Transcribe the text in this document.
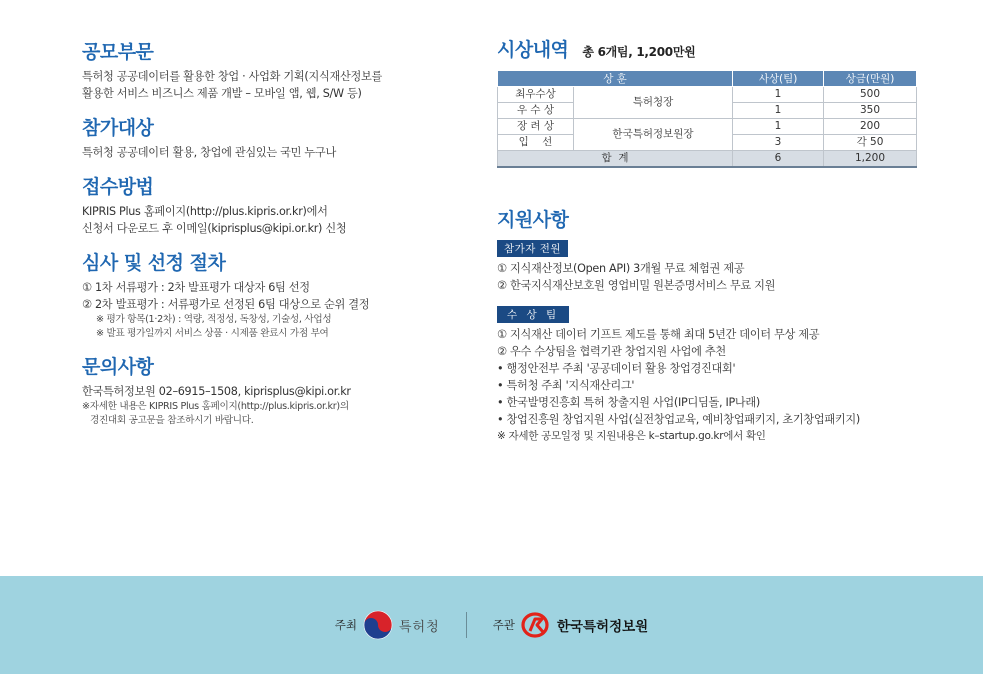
공모부문
특허청 공공데이터를 활용한 창업 · 사업화 기획(지식재산정보를
활용한 서비스 비즈니스 제품 개발 – 모바일 앱, 웹, S/W 등)
참가대상
특허청 공공데이터 활용, 창업에 관심있는 국민 누구나
접수방법
KIPRIS Plus 홈페이지(http://plus.kipris.or.kr)에서
신청서 다운로드 후 이메일(kiprisplus@kipi.or.kr) 신청
심사 및 선정 절차
① 1차 서류평가 : 2차 발표평가 대상자 6팀 선정
② 2차 발표평가 : 서류평가로 선정된 6팀 대상으로 순위 결정
※ 평가 항목(1·2차) : 역량, 적정성, 독창성, 기술성, 사업성
※ 발표 평가일까지 서비스 상품 · 시제품 완료시 가점 부여
문의사항
한국특허정보원 02–6915–1508, kiprisplus@kipi.or.kr
※자세한 내용은 KIPRIS Plus 홈페이지(http://plus.kipris.or.kr)의
경진대회 공고문을 참조하시기 바랍니다.
시상내역 총 6개팀, 1,200만원
상 훈		사상(팀)	상금(만원)
최우수상	특허청장	1	500
우 수 상		1	350
장 려 상	한국특허정보원장	1	200
입    선		3	각 50
합  계		6	1,200
지원사항
참가자 전원
① 지식재산정보(Open API) 3개월 무료 체험권 제공
② 한국지식재산보호원 영업비밀 원본증명서비스 무료 지원
수 상 팀
① 지식재산 데이터 기프트 제도를 통해 최대 5년간 데이터 무상 제공
② 우수 수상팀을 협력기관 창업지원 사업에 추천
• 행정안전부 주최 '공공데이터 활용 창업경진대회'
• 특허청 주최 '지식재산리그'
• 한국발명진흥회 특허 창출지원 사업(IP디딤돌, IP나래)
• 창업진흥원 창업지원 사업(실전창업교육, 예비창업패키지, 초기창업패키지)
※ 자세한 공모일정 및 지원내용은 k–startup.go.kr에서 확인
주최	특허청	주관	한국특허정보원
